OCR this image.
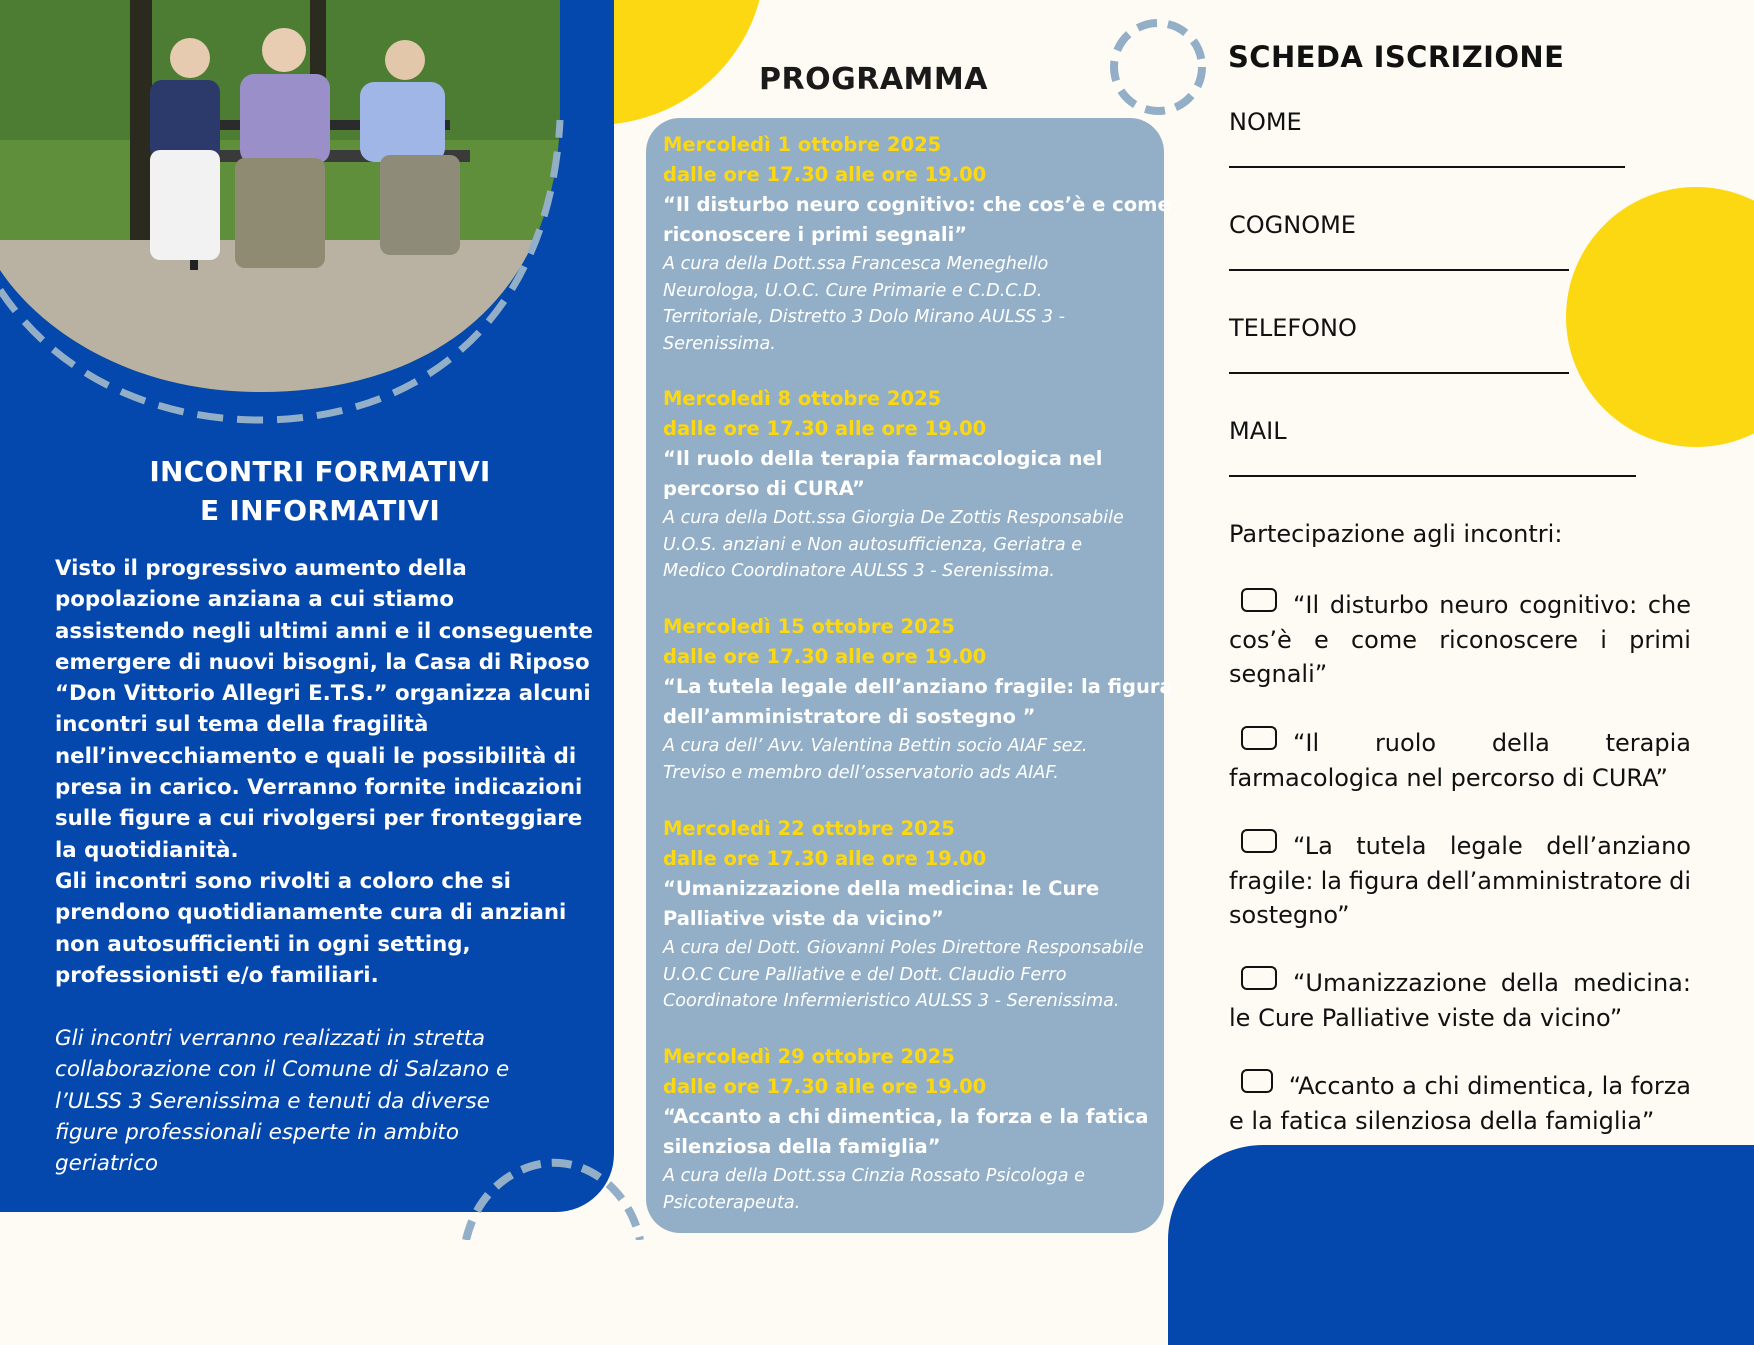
INCONTRI FORMATIVI
E INFORMATIVI
Visto il progressivo aumento della
popolazione anziana a cui stiamo
assistendo negli ultimi anni e il conseguente
emergere di nuovi bisogni, la Casa di Riposo
“Don Vittorio Allegri E.T.S.” organizza alcuni
incontri sul tema della fragilità
nell’invecchiamento e quali le possibilità di
presa in carico. Verranno fornite indicazioni
sulle figure a cui rivolgersi per fronteggiare
la quotidianità.
Gli incontri sono rivolti a coloro che si
prendono quotidianamente cura di anziani
non autosufficienti in ogni setting,
professionisti e/o familiari.
Gli incontri verranno realizzati in stretta
collaborazione con il Comune di Salzano e
l’ULSS 3 Serenissima e tenuti da diverse
figure professionali esperte in ambito
geriatrico
PROGRAMMA
Mercoledì 1 ottobre 2025
dalle ore 17.30 alle ore 19.00
“Il disturbo neuro cognitivo: che cos’è e come
riconoscere i primi segnali”
A cura della Dott.ssa Francesca Meneghello
Neurologa, U.O.C. Cure Primarie e C.D.C.D.
Territoriale, Distretto 3 Dolo Mirano AULSS 3 -
Serenissima.
Mercoledì 8 ottobre 2025
dalle ore 17.30 alle ore 19.00
“Il ruolo della terapia farmacologica nel
percorso di CURA”
A cura della Dott.ssa Giorgia De Zottis Responsabile
U.O.S. anziani e Non autosufficienza, Geriatra e
Medico Coordinatore AULSS 3 - Serenissima.
Mercoledì 15 ottobre 2025
dalle ore 17.30 alle ore 19.00
“La tutela legale dell’anziano fragile: la figura
dell’amministratore di sostegno ”
A cura dell’ Avv. Valentina Bettin socio AIAF sez.
Treviso e membro dell’osservatorio ads AIAF.
Mercoledì 22 ottobre 2025
dalle ore 17.30 alle ore 19.00
“Umanizzazione della medicina: le Cure
Palliative viste da vicino”
A cura del Dott. Giovanni Poles Direttore Responsabile
U.O.C Cure Palliative e del Dott. Claudio Ferro
Coordinatore Infermieristico AULSS 3 - Serenissima.
Mercoledì 29 ottobre 2025
dalle ore 17.30 alle ore 19.00
“Accanto a chi dimentica, la forza e la fatica
silenziosa della famiglia”
A cura della Dott.ssa Cinzia Rossato Psicologa e
Psicoterapeuta.
SCHEDA ISCRIZIONE
NOME
COGNOME
TELEFONO
MAIL
Partecipazione agli incontri:
“Il disturbo neuro cognitivo: che
cos’è e come riconoscere i primi
segnali”
“Il ruolo della terapia
farmacologica nel percorso di CURA”
“La tutela legale dell’anziano
fragile: la figura dell’amministratore di
sostegno”
“Umanizzazione della medicina:
le Cure Palliative viste da vicino”
“Accanto a chi dimentica, la forza
e la fatica silenziosa della famiglia”
